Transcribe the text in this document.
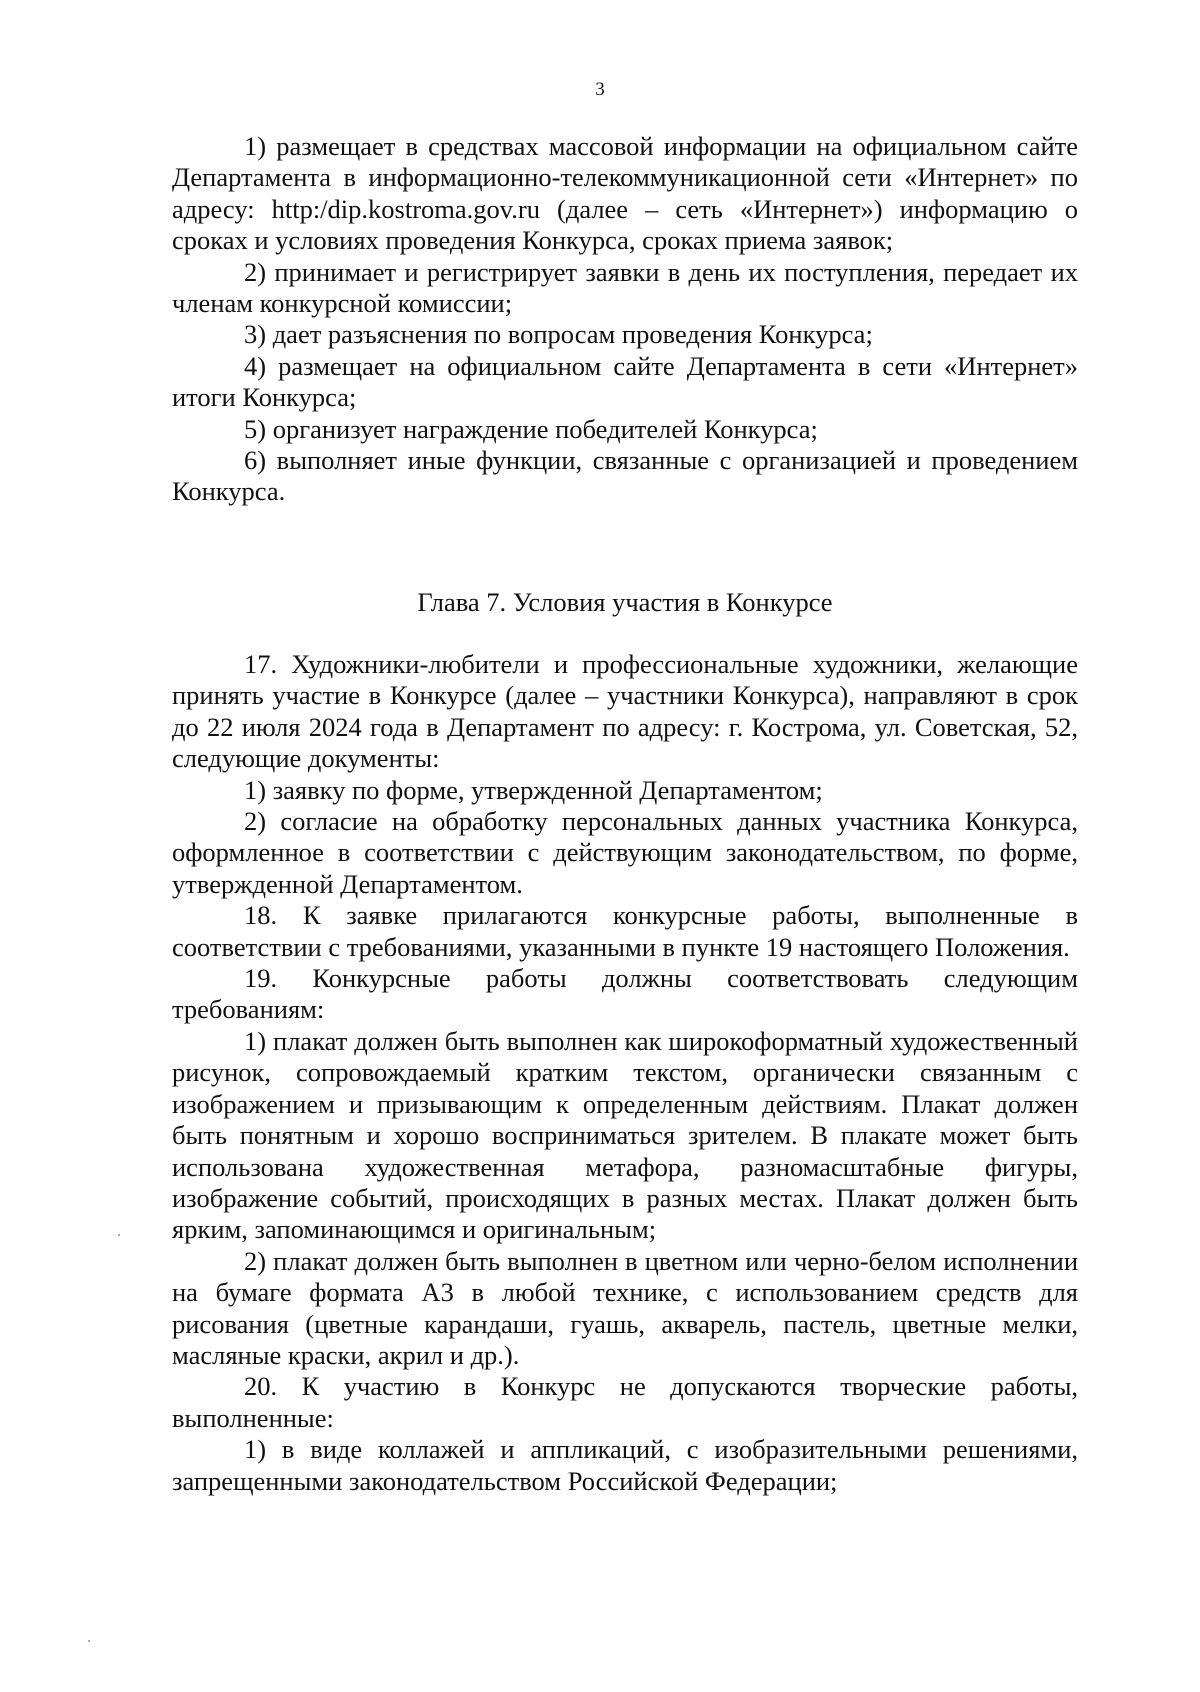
3

1) размещает в средствах массовой информации на официальном сайте Департамента в информационно-телекоммуникационной сети «Интернет» по адресу: http:/dip.kostroma.gov.ru (далее – сеть «Интернет») информацию о сроках и условиях проведения Конкурса, сроках приема заявок;

2) принимает и регистрирует заявки в день их поступления, передает их членам конкурсной комиссии;

3) дает разъяснения по вопросам проведения Конкурса;

4) размещает на официальном сайте Департамента в сети «Интернет» итоги Конкурса;

5) организует награждение победителей Конкурса;

6) выполняет иные функции, связанные с организацией и проведением Конкурса.

Глава 7. Условия участия в Конкурсе

17. Художники-любители и профессиональные художники, желающие принять участие в Конкурсе (далее – участники Конкурса), направляют в срок до 22 июля 2024 года в Департамент по адресу: г. Кострома, ул. Советская, 52, следующие документы:

1) заявку по форме, утвержденной Департаментом;

2) согласие на обработку персональных данных участника Конкурса, оформленное в соответствии с действующим законодательством, по форме, утвержденной Департаментом.

18. К заявке прилагаются конкурсные работы, выполненные в соответствии с требованиями, указанными в пункте 19 настоящего Положения.

19. Конкурсные работы должны соответствовать следующим требованиям:

1) плакат должен быть выполнен как широкоформатный художественный рисунок, сопровождаемый кратким текстом, органически связанным с изображением и призывающим к определенным действиям. Плакат должен быть понятным и хорошо восприниматься зрителем. В плакате может быть использована художественная метафора, разномасштабные фигуры, изображение событий, происходящих в разных местах. Плакат должен быть ярким, запоминающимся и оригинальным;

2) плакат должен быть выполнен в цветном или черно-белом исполнении на бумаге формата А3 в любой технике, с использованием средств для рисования (цветные карандаши, гуашь, акварель, пастель, цветные мелки, масляные краски, акрил и др.).

20. К участию в Конкурс не допускаются творческие работы, выполненные:

1) в виде коллажей и аппликаций, с изобразительными решениями, запрещенными законодательством Российской Федерации;
